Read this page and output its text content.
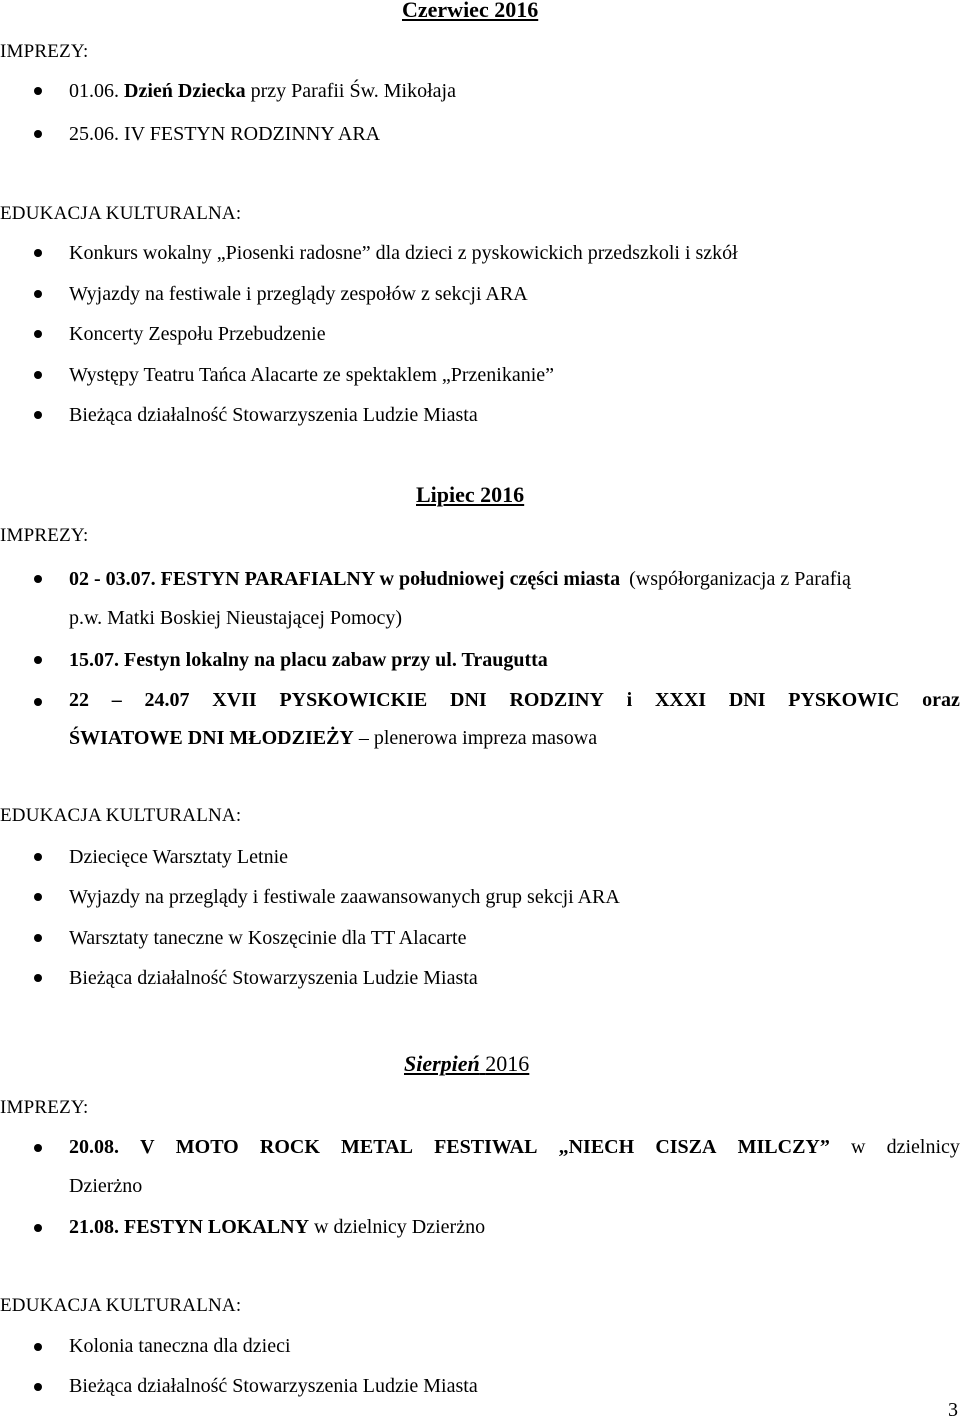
Czerwiec 2016
IMPREZY:
01.06. Dzień Dziecka przy Parafii Św. Mikołaja
25.06. IV FESTYN RODZINNY ARA
EDUKACJA KULTURALNA:
Konkurs wokalny „Piosenki radosne” dla dzieci z pyskowickich przedszkoli i szkół
Wyjazdy na festiwale i przeglądy zespołów z sekcji ARA
Koncerty Zespołu Przebudzenie
Występy Teatru Tańca Alacarte ze spektaklem „Przenikanie”
Bieżąca działalność Stowarzyszenia Ludzie Miasta
Lipiec 2016
IMPREZY:
02 - 03.07. FESTYN PARAFIALNY w południowej części miasta (współorganizacja z Parafią
p.w. Matki Boskiej Nieustającej Pomocy)
15.07. Festyn lokalny na placu zabaw przy ul. Traugutta
22 – 24.07 XVII PYSKOWICKIE DNI RODZINY i XXXI DNI PYSKOWIC oraz
ŚWIATOWE DNI MŁODZIEŻY – plenerowa impreza masowa
EDUKACJA KULTURALNA:
Dziecięce Warsztaty Letnie
Wyjazdy na przeglądy i festiwale zaawansowanych grup sekcji ARA
Warsztaty taneczne w Koszęcinie dla TT Alacarte
Bieżąca działalność Stowarzyszenia Ludzie Miasta
Sierpień 2016
IMPREZY:
20.08. V MOTO ROCK METAL FESTIWAL „NIECH CISZA MILCZY” w dzielnicy
Dzierżno
21.08. FESTYN LOKALNY w dzielnicy Dzierżno
EDUKACJA KULTURALNA:
Kolonia taneczna dla dzieci
Bieżąca działalność Stowarzyszenia Ludzie Miasta
3
